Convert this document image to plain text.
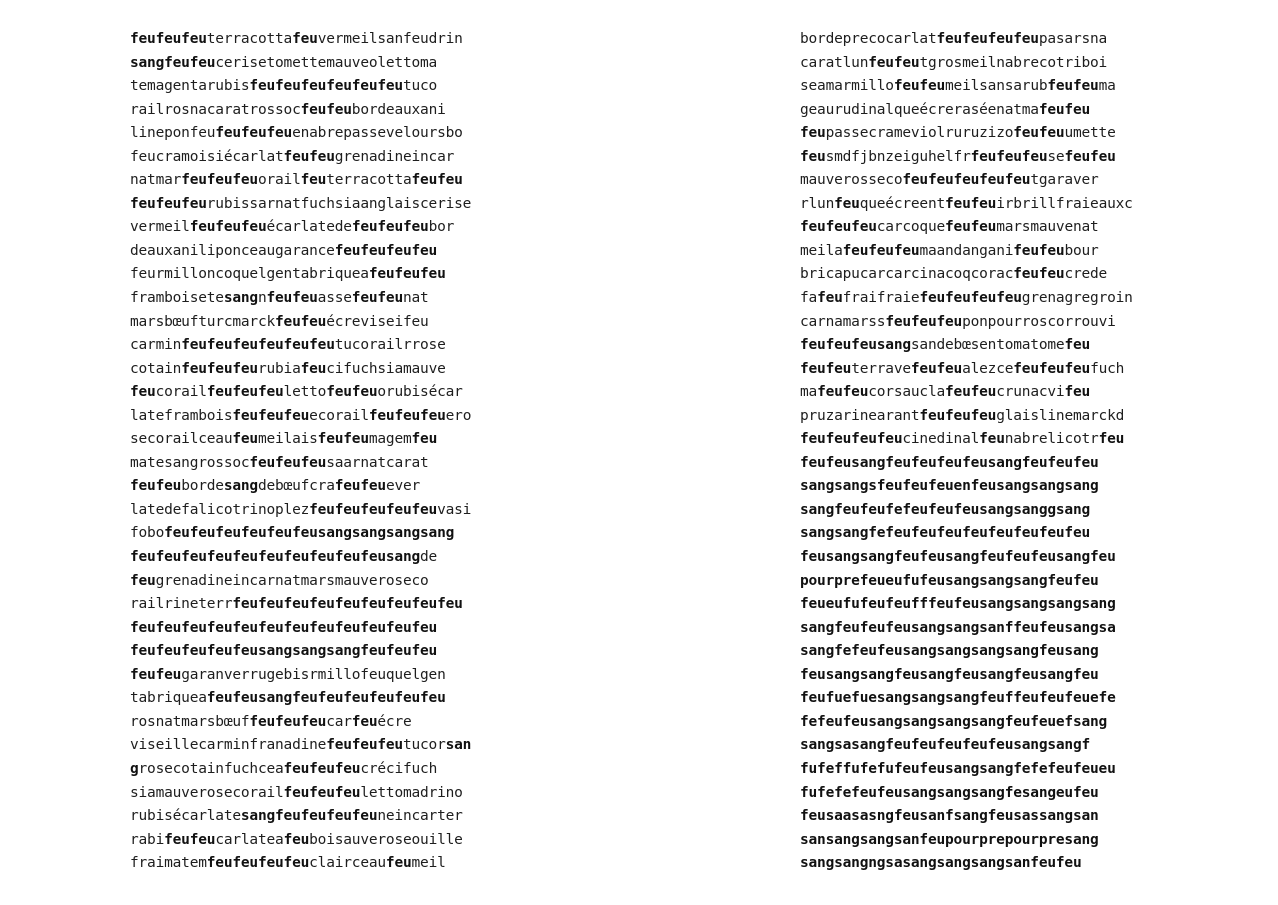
feufeufeuterracottafeuvermeilsanfeudrin
sangfeufeucerisetomettemauveolettoma
temagentarubisfeufeufeufeufeufeutuco
railrosnacaratrossocfeufeubordeauxani
lineponfeufeufeufeuenabrepasseveloursbo
feucramoisiécarlatfeufeugrenadineincar
natmarfeufeufeuorailfeuterracottafeufeu
feufeufeurubissarnatfuchsiaanglaiscerise
vermeilfeufeufeuécarlatedefeufeufeubor
deauxaniliponceaugarancefeufeufeufeu
feurmilloncoquelgentabriqueafeufeufeu
framboisetesangnfeufeuassefeufeunat
marsbœufturcmarckfeufeuécreviseifeu
carminfeufeufeufeufeufeutucorailrrose
cotainfeufeufeurubiafeucifuchsiamauve
feucorailfeufeufeulettofeufeuorubisécar
lateframboisfeufeufeuecorailfeufeufeuero
secorailceaufeumeilaisfeufeumagemfeu
matesangrossocfeufeufeusaarnatcarat
feufeubordesangdebœufcrafeufeuever
latedefalicotrinoplezfeufeufeufeufeuvasi
fobofeufeufeufeufeufeusangsangsangsang
feufeufeufeufeufeufeufeufeufeusangde
feugrenadineincarnatmarsmauveroseco
railrineterrfeufeufeufeufeufeufeufeufeu
feufeufeufeufeufeufeufeufeufeufeufeu
feufeufeufeufeusangsangsangfeufeufeu
feufeugaranverrugebisrmillofeuquelgen
tabriqueafeufeusangfeufeufeufeufeufeu
rosnatmarsbœuffeufeufeucarfeuécre
viseillecarminfranadinefeufeufeutucorsan
grosecotainfuchceafeufeufeucrécifuch
siamauverosecorailfeufeufeulettomadrino
rubisécarlatesangfeufeufeufeuneincarter
rabifeufeucarlateafeuboisauveroseouille
fraimatemfeufeufeufeuclairceaufeumeil
bordeprecocarlatfeufeufeufeupasarsna
caratlunfeufeutgrosmeilnabrecotriboi
seamarmillofeufeumeilsansarubfeufeuma
geaurudinalqueécreraséenatmafeufeu
feupassecrameviolruruzizofeufeuumette
feusmdfjbnzeiguhelfrfeufeufeusefeufeu
mauverossecofeufeufeufeufeutgaraver
rlunfeuqueécreentfeufeuirbrillfraieauxc
feufeufeucarcoquefeufeumarsmauvenat
meilafeufeufeumaandanganifeufeubour
bricapucarcarcinacoqcoracfeufeucrede
fafeufraifraiefeufeufeufeugrenagregroin
carnamarssfeufeufeuponpourroscorrouvi
feufeufeusangsandebœsentomatomefeu
feufeuterravefeufeualezcefeufeufeufuch
mafeufeucorsauclafeufeucrunacvifeu
pruzarinearantfeufeufeuglaislinemarckd
feufeufeufeucinedinalfeunabrelicotrfeu
feufeusangfeufeufeufeusangfeufeufeu
sangsangsfeufeufeuenfeusangsangsang
sangfeufeufefeufeufeusangsanggsang
sangsangfefeufeufeufeufeufeufeufeu
feusangsangfeufeusangfeufeufeusangfeu
pourprefeueufufeusangsangsangfeufeu
feueufufeufeufffeufeusangsangsangsang
sangfeufeufeusangsangsanffeufeusangsa
sangfefeufeusangsangsangsangfeusang
feusangsangfeusangfeusangfeusangfeu
feufuefuesangsangsangfeuffeufeufeuefe
fefeufeusangsangsangsangfeufeuefsang
sangsasangfeufeufeufeufeusangsangf
fufeffufefufeufeusangsangfefefeufeueu
fufefefeufeusangsangsangfesangeufeu
feusaasasngfeusanfsangfeusassangsan
sansangsangsanfeupourprepourpresang
sangsangngsasangsangsangsanfeufeu
